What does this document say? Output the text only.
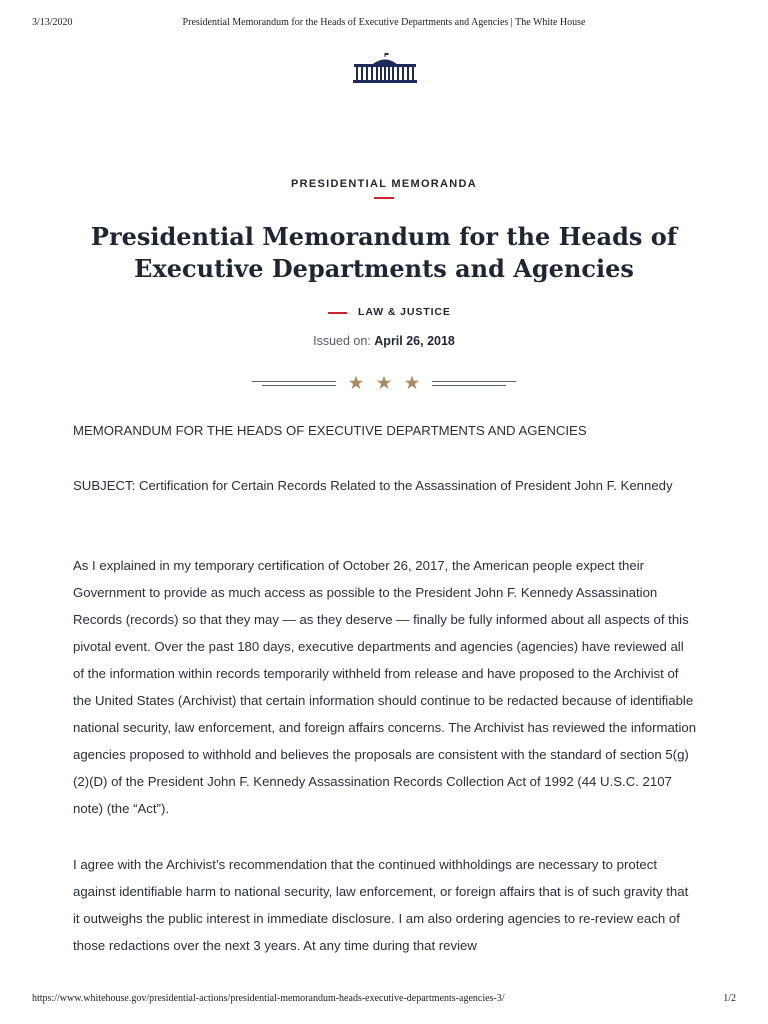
3/13/2020	Presidential Memorandum for the Heads of Executive Departments and Agencies | The White House
PRESIDENTIAL MEMORANDA
Presidential Memorandum for the Heads of Executive Departments and Agencies
LAW & JUSTICE
Issued on: April 26, 2018
MEMORANDUM FOR THE HEADS OF EXECUTIVE DEPARTMENTS AND AGENCIES
SUBJECT: Certification for Certain Records Related to the Assassination of President John F. Kennedy
As I explained in my temporary certification of October 26, 2017, the American people expect their Government to provide as much access as possible to the President John F. Kennedy Assassination Records (records) so that they may — as they deserve — finally be fully informed about all aspects of this pivotal event. Over the past 180 days, executive departments and agencies (agencies) have reviewed all of the information within records temporarily withheld from release and have proposed to the Archivist of the United States (Archivist) that certain information should continue to be redacted because of identifiable national security, law enforcement, and foreign affairs concerns. The Archivist has reviewed the information agencies proposed to withhold and believes the proposals are consistent with the standard of section 5(g)(2)(D) of the President John F. Kennedy Assassination Records Collection Act of 1992 (44 U.S.C. 2107 note) (the “Act”).
I agree with the Archivist’s recommendation that the continued withholdings are necessary to protect against identifiable harm to national security, law enforcement, or foreign affairs that is of such gravity that it outweighs the public interest in immediate disclosure. I am also ordering agencies to re-review each of those redactions over the next 3 years. At any time during that review
https://www.whitehouse.gov/presidential-actions/presidential-memorandum-heads-executive-departments-agencies-3/	1/2
